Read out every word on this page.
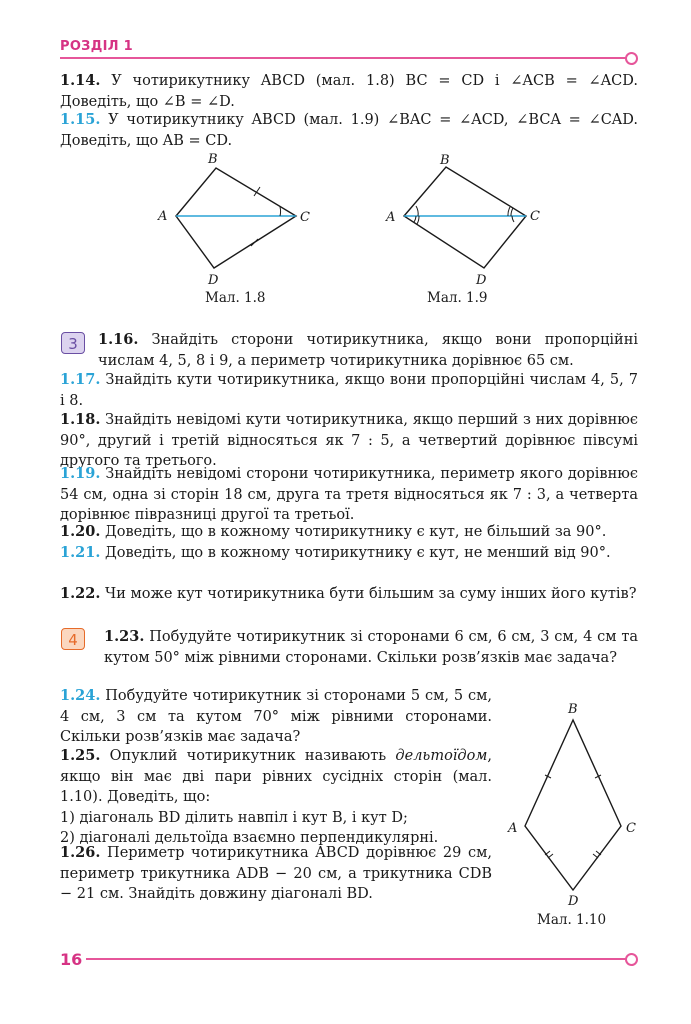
РОЗДІЛ 1
1.14. У чотирикутнику ABCD (мал. 1.8) BC = CD і ∠ACB = ∠ACD. Доведіть, що ∠B = ∠D.
1.15. У чотирикутнику ABCD (мал. 1.9) ∠BAC = ∠ACD, ∠BCA = ∠CAD. Доведіть, що AB = CD.
B
A	C
D
Мал. 1.8
B
A	C
D
Мал. 1.9
3	1.16. Знайдіть сторони чотирикутника, якщо вони пропорційні числам 4, 5, 8 і 9, а периметр чотирикутника дорівнює 65 см.
1.17. Знайдіть кути чотирикутника, якщо вони пропорційні числам 4, 5, 7 і 8.
1.18. Знайдіть невідомі кути чотирикутника, якщо перший з них дорівнює 90°, другий і третій відносяться як 7 : 5, а четвертий дорівнює півсумі другого та третього.
1.19. Знайдіть невідомі сторони чотирикутника, периметр якого дорівнює 54 см, одна зі сторін 18 см, друга та третя відносяться як 7 : 3, а четверта дорівнює півразниці другої та третьої.
1.20. Доведіть, що в кожному чотирикутнику є кут, не більший за 90°.
1.21. Доведіть, що в кожному чотирикутнику є кут, не менший від 90°.
1.22. Чи може кут чотирикутника бути більшим за суму інших його кутів?
4	1.23. Побудуйте чотирикутник зі сторонами 6 см, 6 см, 3 см, 4 см та кутом 50° між рівними сторонами. Скільки розв’язків має задача?
1.24. Побудуйте чотирикутник зі сторонами 5 см, 5 см, 4 см, 3 см та кутом 70° між рівними сторонами. Скільки розв’язків має задача?
1.25. Опуклий чотирикутник називають дельтоїдом, якщо він має дві пари рівних сусідніх сторін (мал. 1.10). Доведіть, що:
1) діагональ BD ділить навпіл і кут B, і кут D;
2) діагоналі дельтоїда взаємно перпендикулярні.
1.26. Периметр чотирикутника ABCD дорівнює 29 см, периметр трикутника ADB − 20 см, а трикутника CDB − 21 см. Знайдіть довжину діагоналі BD.
B
A	C
D
Мал. 1.10
16
